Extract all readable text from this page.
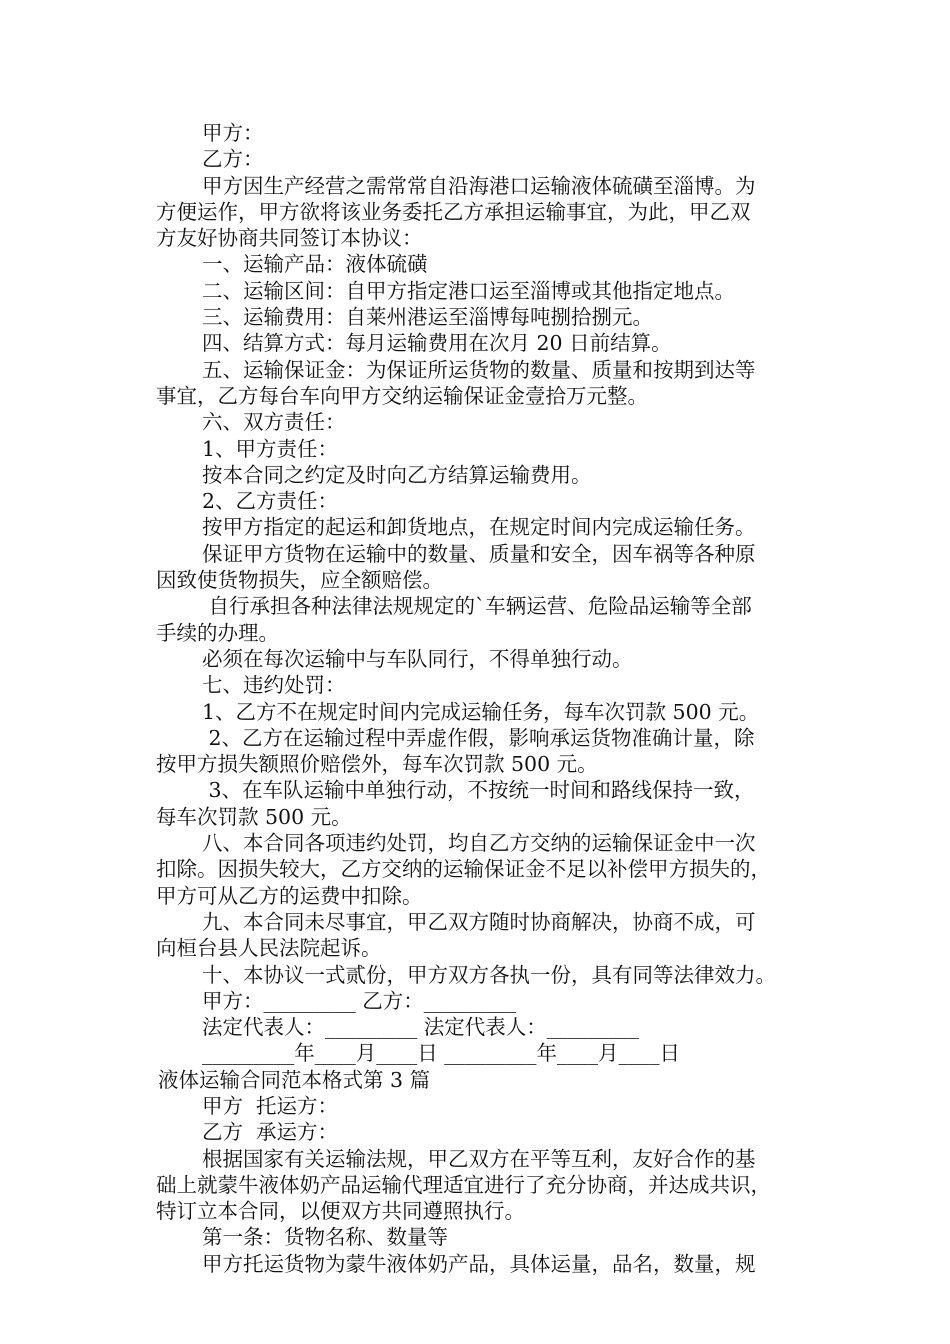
甲方：
乙方：
甲方因生产经营之需常常自沿海港口运输液体硫磺至淄博。为
方便运作，甲方欲将该业务委托乙方承担运输事宜，为此，甲乙双
方友好协商共同签订本协议：
一、运输产品：液体硫磺
二、运输区间：自甲方指定港口运至淄博或其他指定地点。
三、运输费用：自莱州港运至淄博每吨捌拾捌元。
四、结算方式：每月运输费用在次月 20 日前结算。
五、运输保证金：为保证所运货物的数量、质量和按期到达等
事宜，乙方每台车向甲方交纳运输保证金壹拾万元整。
六、双方责任：
1、甲方责任：
按本合同之约定及时向乙方结算运输费用。
2、乙方责任：
按甲方指定的起运和卸货地点，在规定时间内完成运输任务。
保证甲方货物在运输中的数量、质量和安全，因车祸等各种原
因致使货物损失，应全额赔偿。
自行承担各种法律法规规定的`车辆运营、危险品运输等全部
手续的办理。
必须在每次运输中与车队同行，不得单独行动。
七、违约处罚：
1、乙方不在规定时间内完成运输任务，每车次罚款 500 元。
2、乙方在运输过程中弄虚作假，影响承运货物准确计量，除
按甲方损失额照价赔偿外，每车次罚款 500 元。
3、在车队运输中单独行动，不按统一时间和路线保持一致，
每车次罚款 500 元。
八、本合同各项违约处罚，均自乙方交纳的运输保证金中一次
扣除。因损失较大，乙方交纳的运输保证金不足以补偿甲方损失的，
甲方可从乙方的运费中扣除。
九、本合同未尽事宜，甲乙双方随时协商解决，协商不成，可
向桓台县人民法院起诉。
十、本协议一式贰份，甲方双方各执一份，具有同等法律效力。
甲方：_________ 乙方：_________
法定代表人：_________ 法定代表人：_________
_________年____月____日 _________年____月____日
液体运输合同范本格式第 3 篇
甲方  托运方：
乙方  承运方：
根据国家有关运输法规，甲乙双方在平等互利，友好合作的基
础上就蒙牛液体奶产品运输代理适宜进行了充分协商，并达成共识，
特订立本合同，以便双方共同遵照执行。
第一条：货物名称、数量等
甲方托运货物为蒙牛液体奶产品，具体运量，品名，数量，规
